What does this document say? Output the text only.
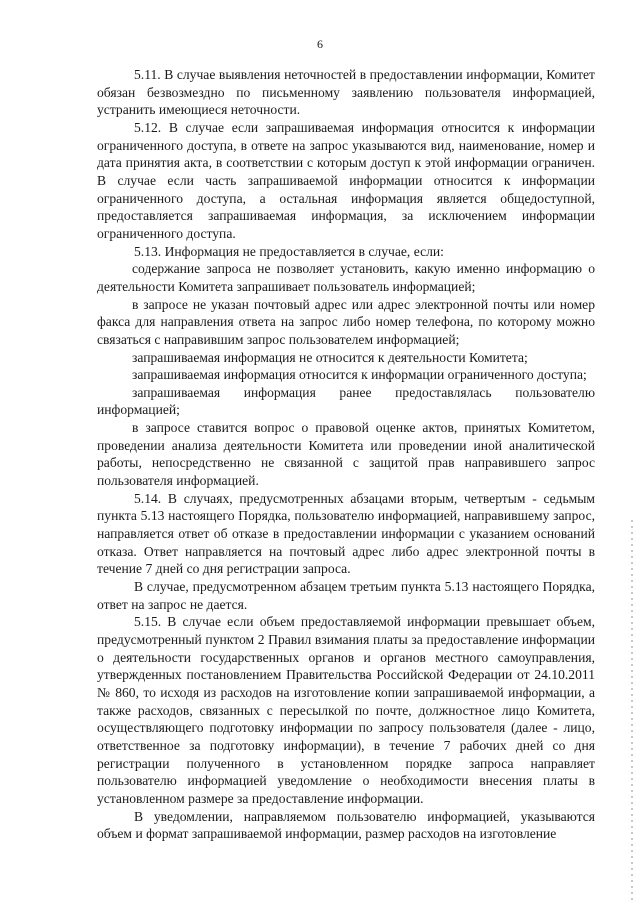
6

5.11. В случае выявления неточностей в предоставлении информации, Комитет обязан безвозмездно по письменному заявлению пользователя информацией, устранить имеющиеся неточности.

5.12. В случае если запрашиваемая информация относится к информации ограниченного доступа, в ответе на запрос указываются вид, наименование, номер и дата принятия акта, в соответствии с которым доступ к этой информации ограничен. В случае если часть запрашиваемой информации относится к информации ограниченного доступа, а остальная информация является общедоступной, предоставляется запрашиваемая информация, за исключением информации ограниченного доступа.

5.13. Информация не предоставляется в случае, если:

содержание запроса не позволяет установить, какую именно информацию о деятельности Комитета запрашивает пользователь информацией;

в запросе не указан почтовый адрес или адрес электронной почты или номер факса для направления ответа на запрос либо номер телефона, по которому можно связаться с направившим запрос пользователем информацией;

запрашиваемая информация не относится к деятельности Комитета;

запрашиваемая информация относится к информации ограниченного доступа;

запрашиваемая информация ранее предоставлялась пользователю информацией;

в запросе ставится вопрос о правовой оценке актов, принятых Комитетом, проведении анализа деятельности Комитета или проведении иной аналитической работы, непосредственно не связанной с защитой прав направившего запрос пользователя информацией.

5.14. В случаях, предусмотренных абзацами вторым, четвертым - седьмым пункта 5.13 настоящего Порядка, пользователю информацией, направившему запрос, направляется ответ об отказе в предоставлении информации с указанием оснований отказа. Ответ направляется на почтовый адрес либо адрес электронной почты в течение 7 дней со дня регистрации запроса.

В случае, предусмотренном абзацем третьим пункта 5.13 настоящего Порядка, ответ на запрос не дается.

5.15. В случае если объем предоставляемой информации превышает объем, предусмотренный пунктом 2 Правил взимания платы за предоставление информации о деятельности государственных органов и органов местного самоуправления, утвержденных постановлением Правительства Российской Федерации от 24.10.2011 № 860, то исходя из расходов на изготовление копии запрашиваемой информации, а также расходов, связанных с пересылкой по почте, должностное лицо Комитета, осуществляющего подготовку информации по запросу пользователя (далее - лицо, ответственное за подготовку информации), в течение 7 рабочих дней со дня регистрации полученного в установленном порядке запроса направляет пользователю информацией уведомление о необходимости внесения платы в установленном размере за предоставление информации.

В уведомлении, направляемом пользователю информацией, указываются объем и формат запрашиваемой информации, размер расходов на изготовление
